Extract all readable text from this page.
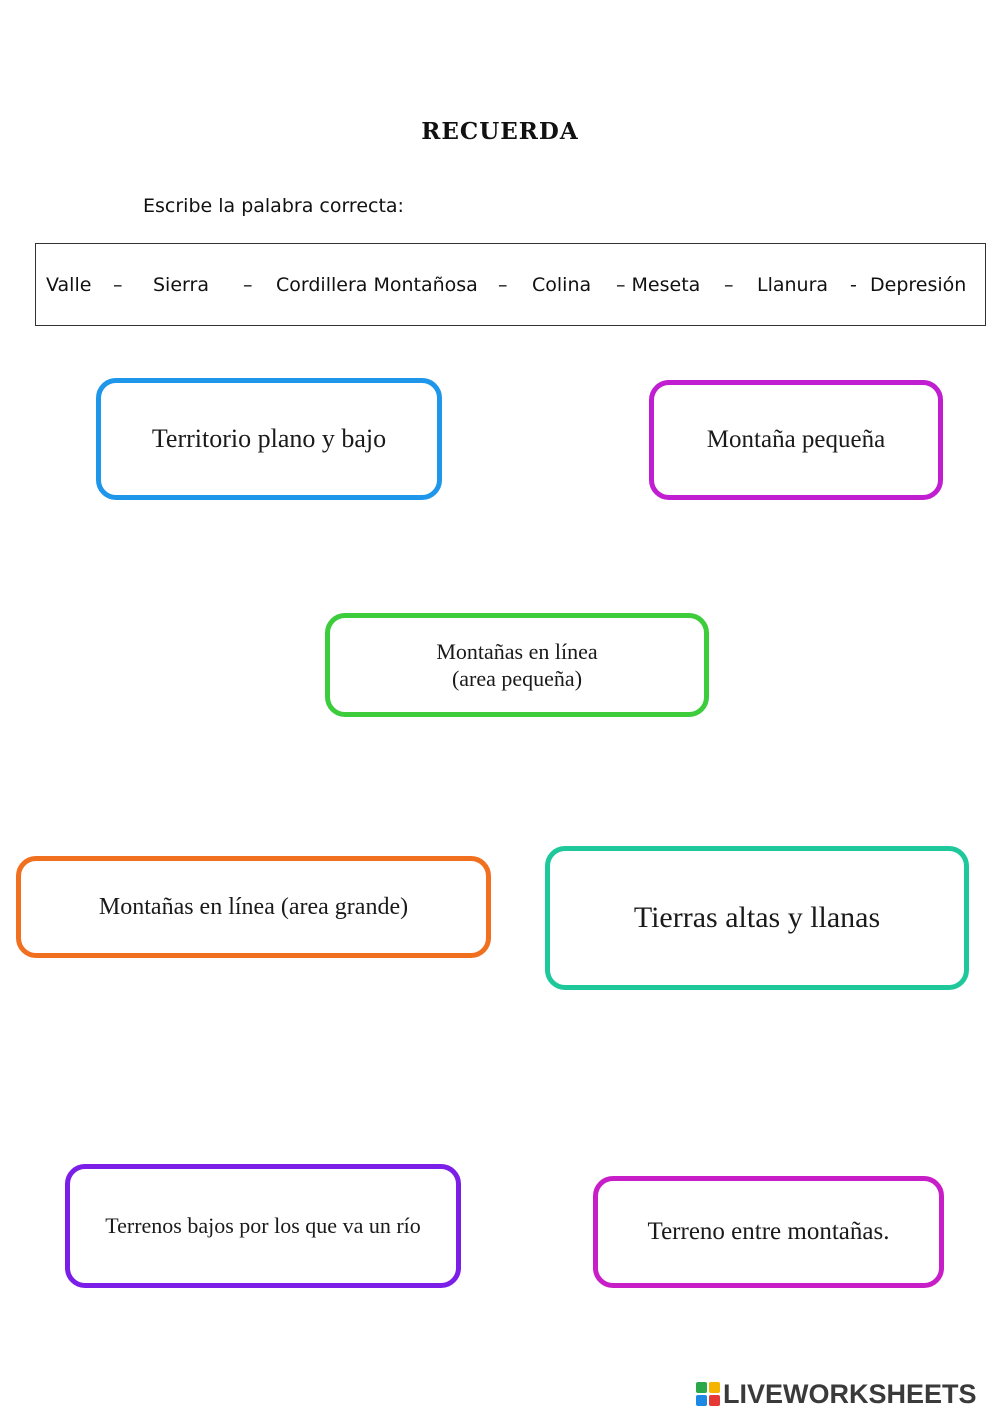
RECUERDA
Escribe la palabra correcta:
Valle – Sierra – Cordillera Montañosa – Colina – Meseta – Llanura - Depresión
Territorio plano y bajo	Montaña pequeña
Montañas en línea
(area pequeña)
Montañas en línea (area grande)	Tierras altas y llanas
Terrenos bajos por los que va un río	Terreno entre montañas.
LIVEWORKSHEETS
